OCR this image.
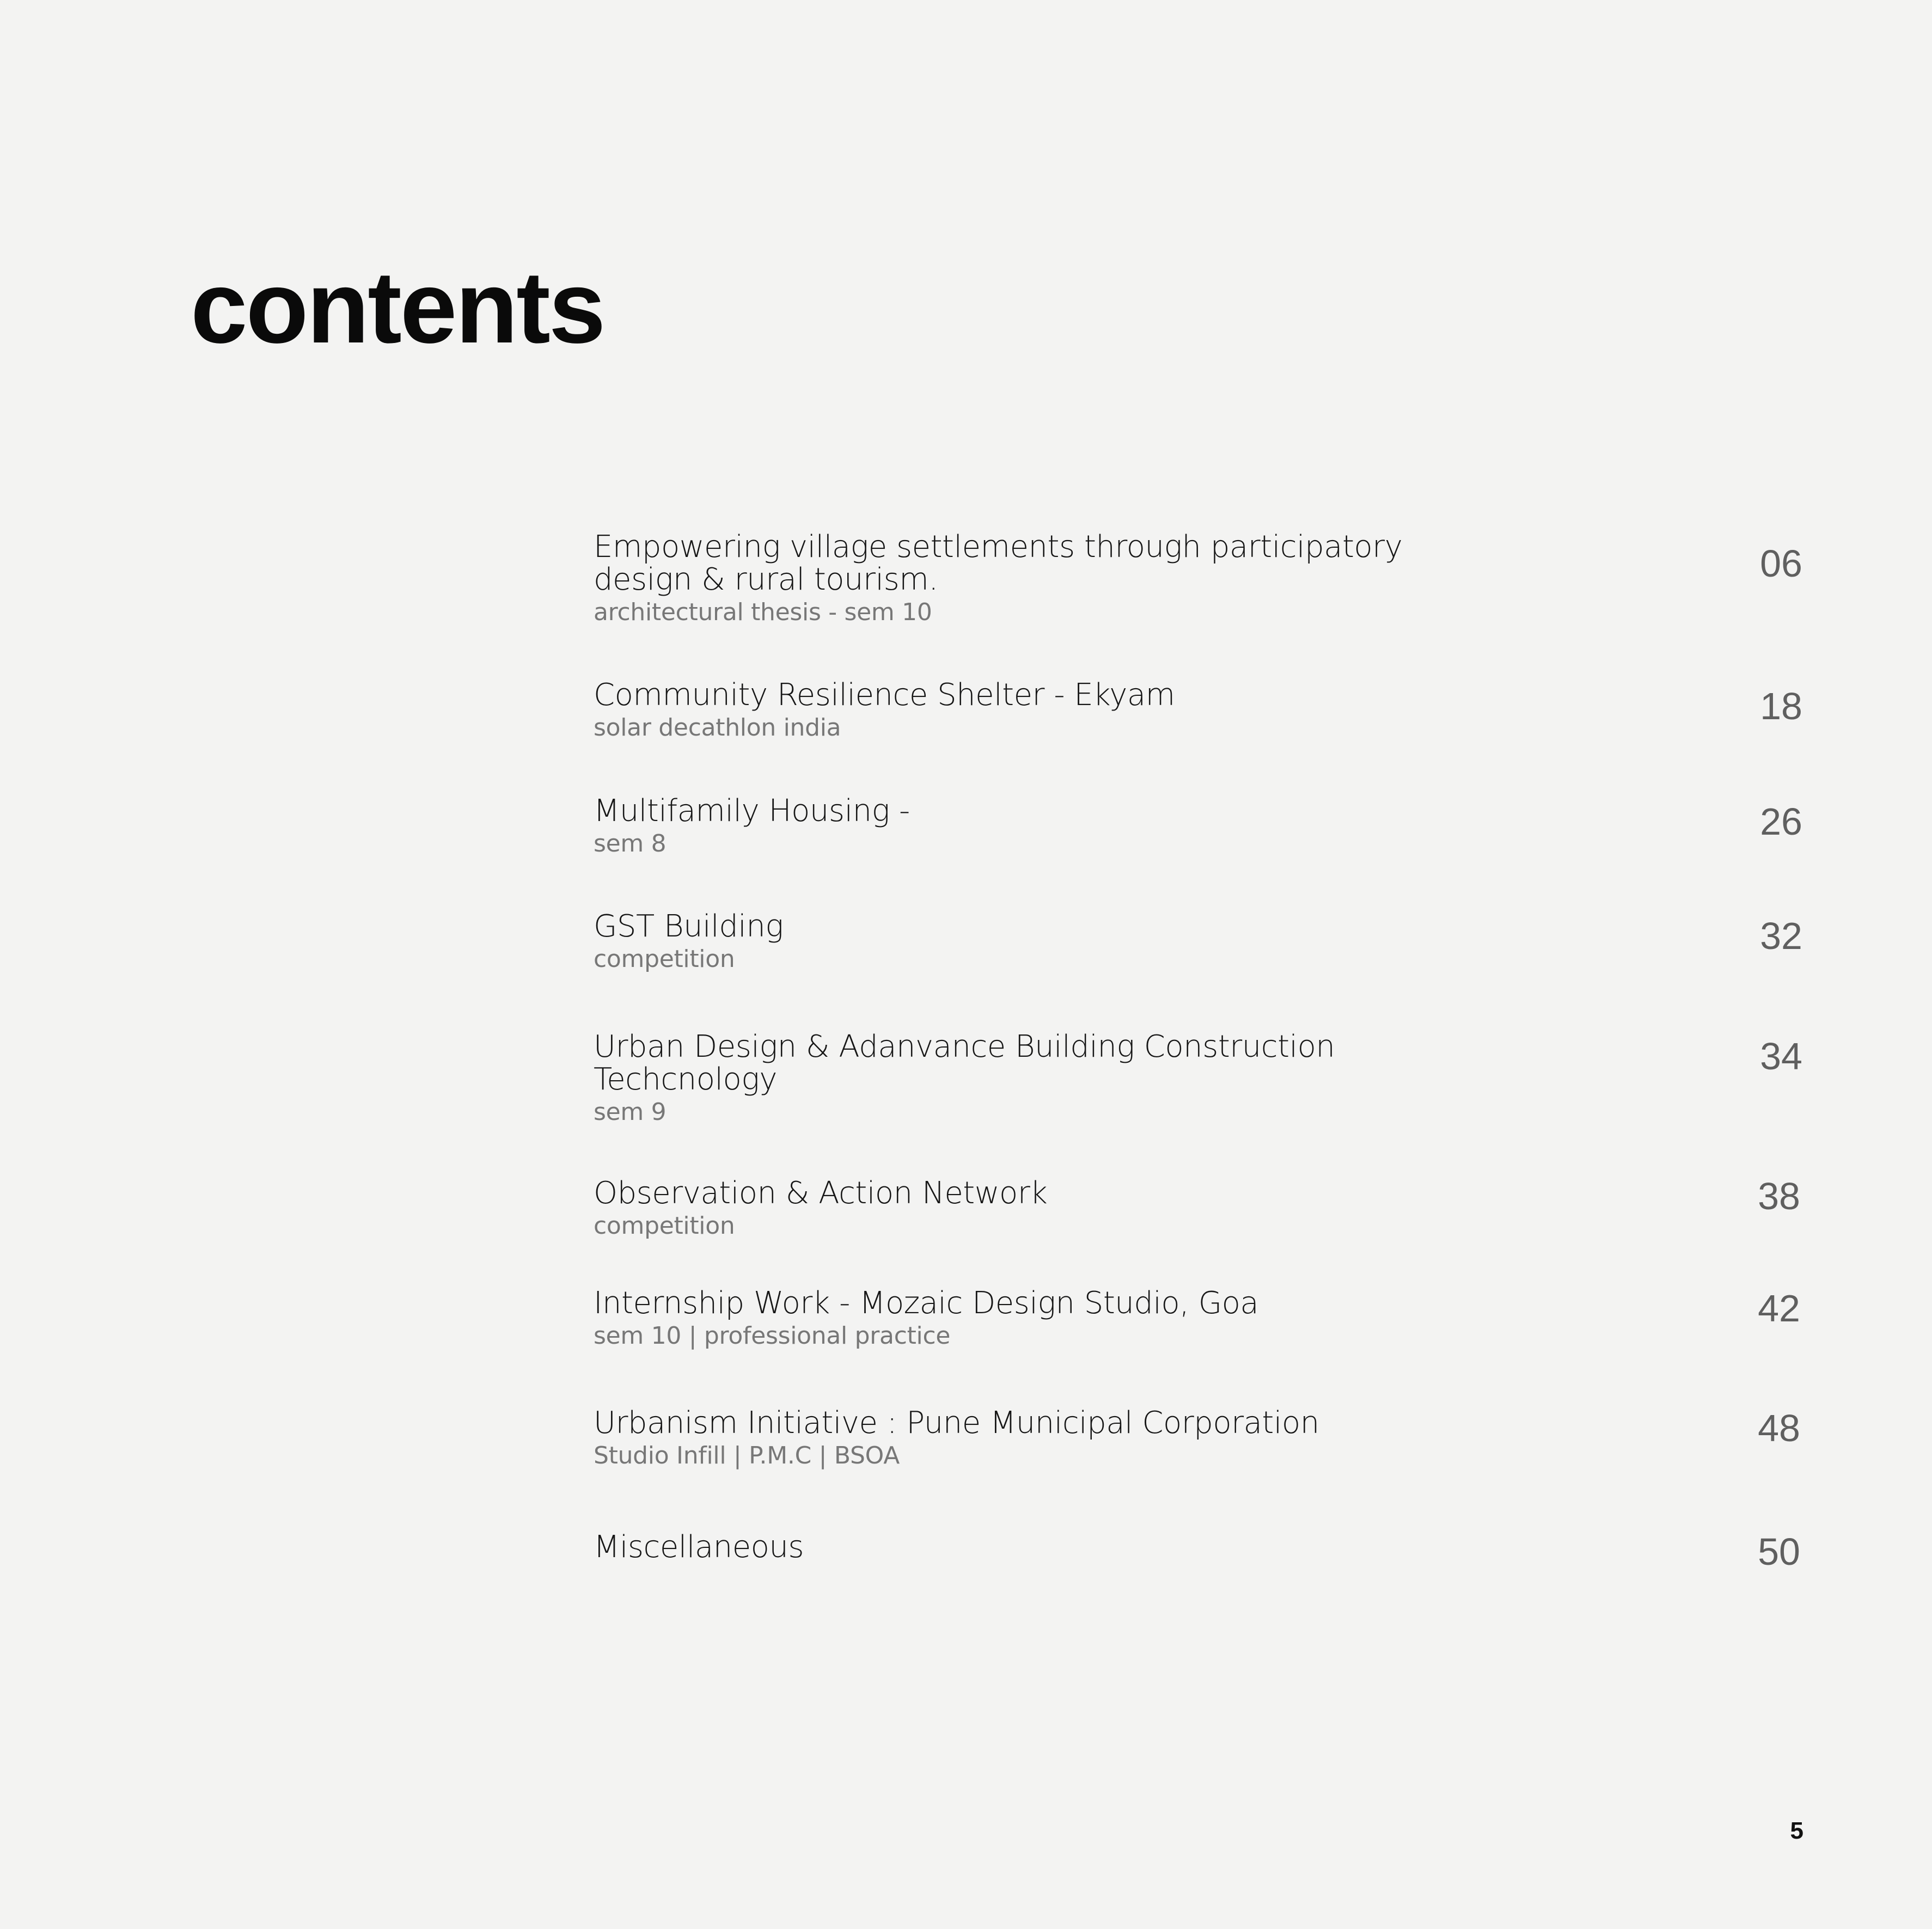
contents
Empowering village settlements through participatory design & rural tourism.
architectural thesis - sem 10
06
Community Resilience Shelter - Ekyam
solar decathlon india
18
Multifamily Housing -
sem 8
26
GST Building
competition
32
Urban Design & Adanvance Building Construction Techcnology
sem 9
34
Observation & Action Network
competition
38
Internship Work - Mozaic Design Studio, Goa
sem 10 | professional practice
42
Urbanism Initiative : Pune Municipal Corporation
Studio Infill | P.M.C | BSOA
48
Miscellaneous	50
5
